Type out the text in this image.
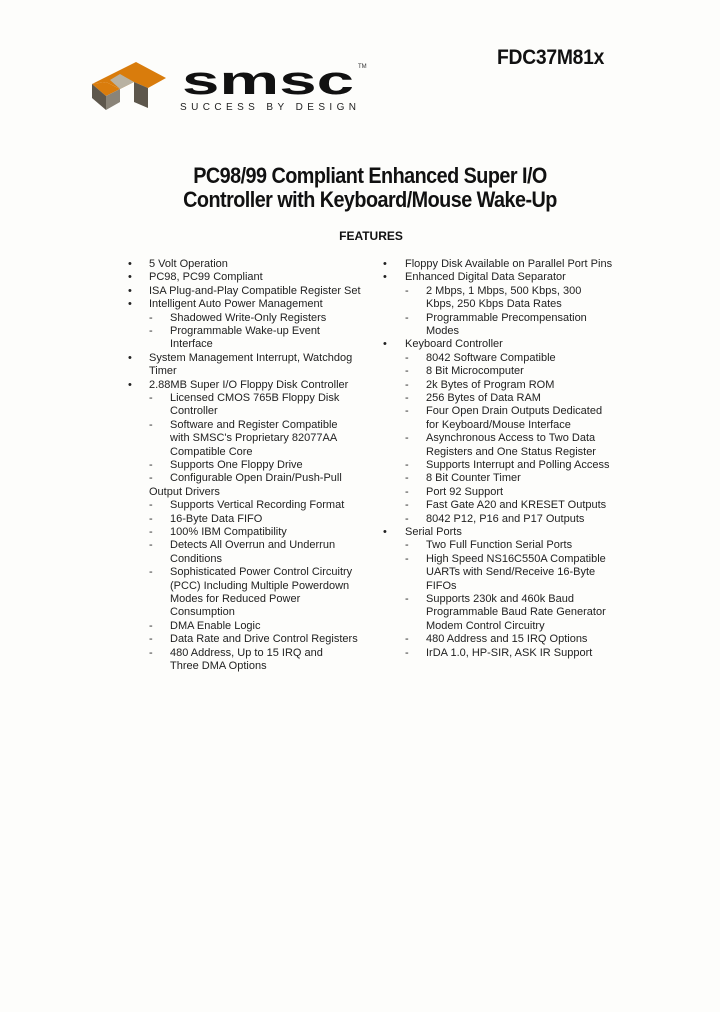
FDC37M81x
smsc TM
SUCCESS BY DESIGN
PC98/99 Compliant Enhanced Super I/O
Controller with Keyboard/Mouse Wake-Up
FEATURES
• 5 Volt Operation
• PC98, PC99 Compliant
• ISA Plug-and-Play Compatible Register Set
• Intelligent Auto Power Management
- Shadowed Write-Only Registers
- Programmable Wake-up Event
Interface
• System Management Interrupt, Watchdog
Timer
• 2.88MB Super I/O Floppy Disk Controller
- Licensed CMOS 765B Floppy Disk
Controller
- Software and Register Compatible
with SMSC's Proprietary 82077AA
Compatible Core
- Supports One Floppy Drive
- Configurable Open Drain/Push-Pull
Output Drivers
- Supports Vertical Recording Format
- 16-Byte Data FIFO
- 100% IBM Compatibility
- Detects All Overrun and Underrun
Conditions
- Sophisticated Power Control Circuitry
(PCC) Including Multiple Powerdown
Modes for Reduced Power
Consumption
- DMA Enable Logic
- Data Rate and Drive Control Registers
- 480 Address, Up to 15 IRQ and
Three DMA Options
• Floppy Disk Available on Parallel Port Pins
• Enhanced Digital Data Separator
- 2 Mbps, 1 Mbps, 500 Kbps, 300
Kbps, 250 Kbps Data Rates
- Programmable Precompensation
Modes
• Keyboard Controller
- 8042 Software Compatible
- 8 Bit Microcomputer
- 2k Bytes of Program ROM
- 256 Bytes of Data RAM
- Four Open Drain Outputs Dedicated
for Keyboard/Mouse Interface
- Asynchronous Access to Two Data
Registers and One Status Register
- Supports Interrupt and Polling Access
- 8 Bit Counter Timer
- Port 92 Support
- Fast Gate A20 and KRESET Outputs
- 8042 P12, P16 and P17 Outputs
• Serial Ports
- Two Full Function Serial Ports
- High Speed NS16C550A Compatible
UARTs with Send/Receive 16-Byte
FIFOs
- Supports 230k and 460k Baud
Programmable Baud Rate Generator
Modem Control Circuitry
- 480 Address and 15 IRQ Options
- IrDA 1.0, HP-SIR, ASK IR Support
